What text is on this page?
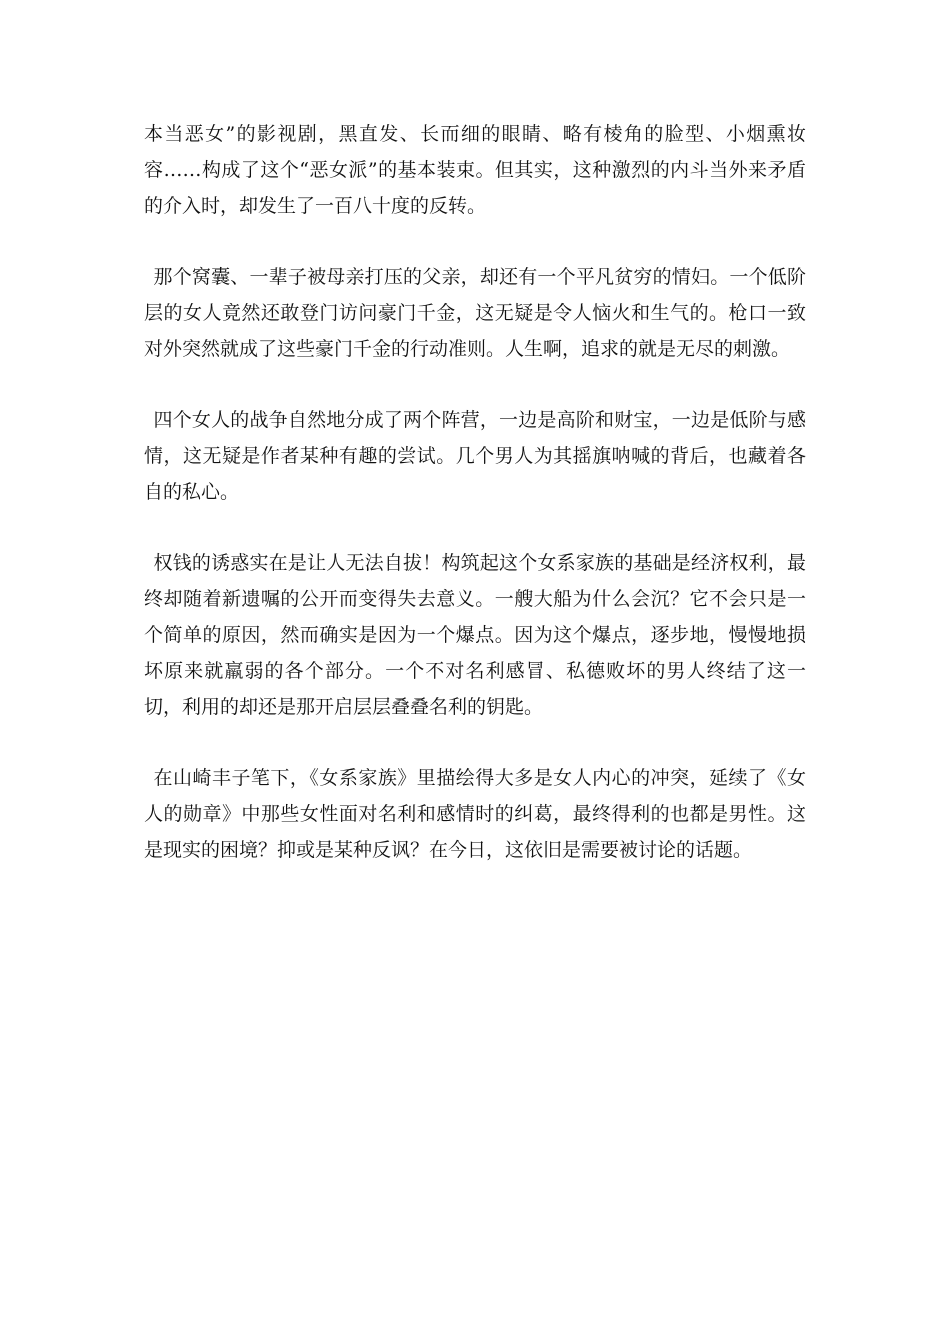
本当恶女”的影视剧，黑直发、长而细的眼睛、略有棱角的脸型、小烟熏妆容……构成了这个“恶女派”的基本装束。但其实，这种激烈的内斗当外来矛盾的介入时，却发生了一百八十度的反转。

那个窝囊、一辈子被母亲打压的父亲，却还有一个平凡贫穷的情妇。一个低阶层的女人竟然还敢登门访问豪门千金，这无疑是令人恼火和生气的。枪口一致对外突然就成了这些豪门千金的行动准则。人生啊，追求的就是无尽的刺激。

四个女人的战争自然地分成了两个阵营，一边是高阶和财宝，一边是低阶与感情，这无疑是作者某种有趣的尝试。几个男人为其摇旗呐喊的背后，也藏着各自的私心。

权钱的诱惑实在是让人无法自拔！构筑起这个女系家族的基础是经济权利，最终却随着新遗嘱的公开而变得失去意义。一艘大船为什么会沉？它不会只是一个简单的原因，然而确实是因为一个爆点。因为这个爆点，逐步地，慢慢地损坏原来就羸弱的各个部分。一个不对名利感冒、私德败坏的男人终结了这一切，利用的却还是那开启层层叠叠名利的钥匙。

在山崎丰子笔下，《女系家族》里描绘得大多是女人内心的冲突，延续了《女人的勋章》中那些女性面对名利和感情时的纠葛，最终得利的也都是男性。这是现实的困境？抑或是某种反讽？在今日，这依旧是需要被讨论的话题。
